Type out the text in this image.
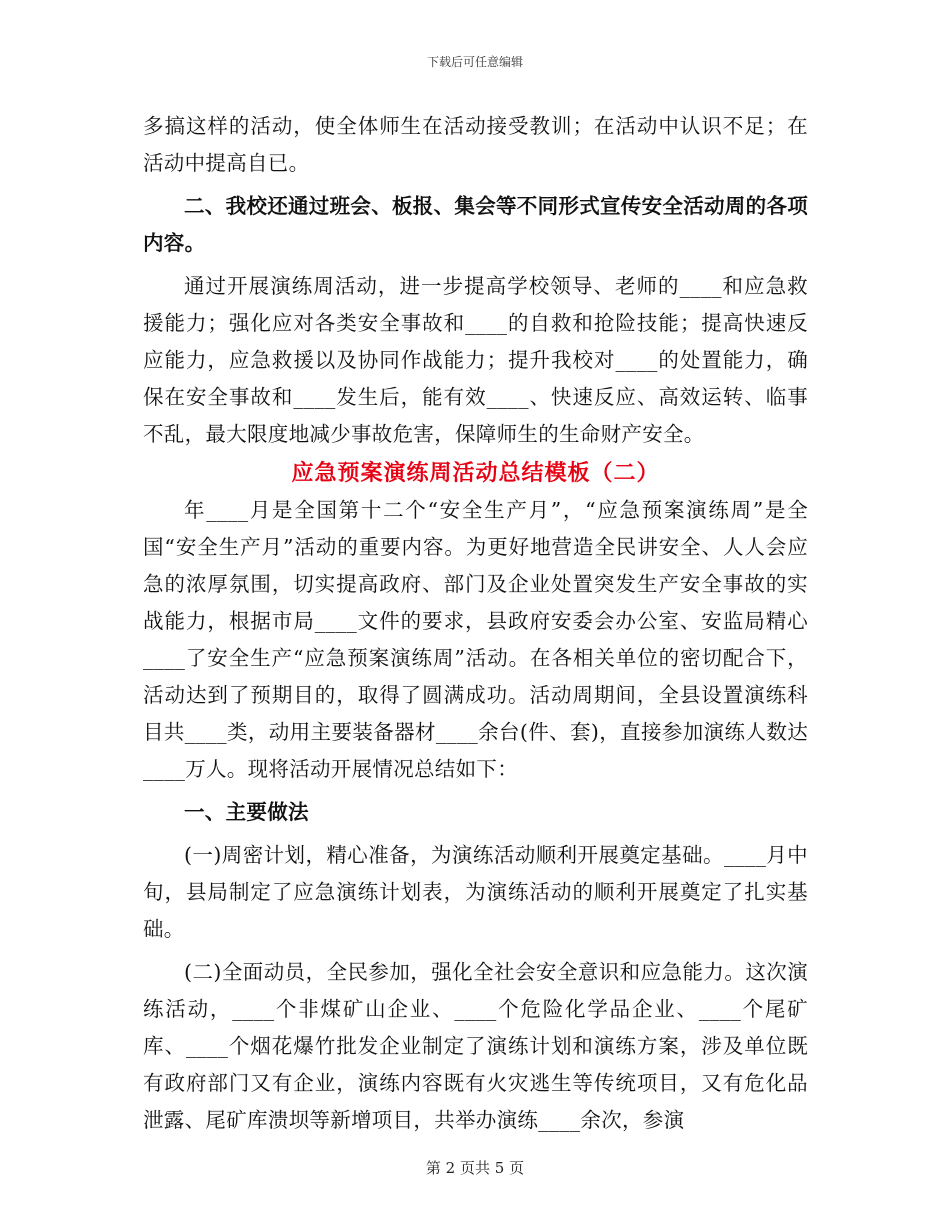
下载后可任意编辑

多搞这样的活动，使全体师生在活动接受教训；在活动中认识不足；在活动中提高自已。

二、我校还通过班会、板报、集会等不同形式宣传安全活动周的各项内容。

通过开展演练周活动，进一步提高学校领导、老师的____和应急救援能力；强化应对各类安全事故和____的自救和抢险技能；提高快速反应能力，应急救援以及协同作战能力；提升我校对____的处置能力，确保在安全事故和____发生后，能有效____、快速反应、高效运转、临事不乱，最大限度地减少事故危害，保障师生的生命财产安全。

应急预案演练周活动总结模板（二）

年____月是全国第十二个“安全生产月”，“应急预案演练周”是全国“安全生产月”活动的重要内容。为更好地营造全民讲安全、人人会应急的浓厚氛围，切实提高政府、部门及企业处置突发生产安全事故的实战能力，根据市局____文件的要求，县政府安委会办公室、安监局精心____了安全生产“应急预案演练周”活动。在各相关单位的密切配合下，活动达到了预期目的，取得了圆满成功。活动周期间，全县设置演练科目共____类，动用主要装备器材____余台(件、套)，直接参加演练人数达____万人。现将活动开展情况总结如下：

一、主要做法

(一)周密计划，精心准备，为演练活动顺利开展奠定基础。____月中旬，县局制定了应急演练计划表，为演练活动的顺利开展奠定了扎实基础。

(二)全面动员，全民参加，强化全社会安全意识和应急能力。这次演练活动，____个非煤矿山企业、____个危险化学品企业、____个尾矿库、____个烟花爆竹批发企业制定了演练计划和演练方案，涉及单位既有政府部门又有企业，演练内容既有火灾逃生等传统项目，又有危化品泄露、尾矿库溃坝等新增项目，共举办演练____余次，参演

第 2 页共 5 页
